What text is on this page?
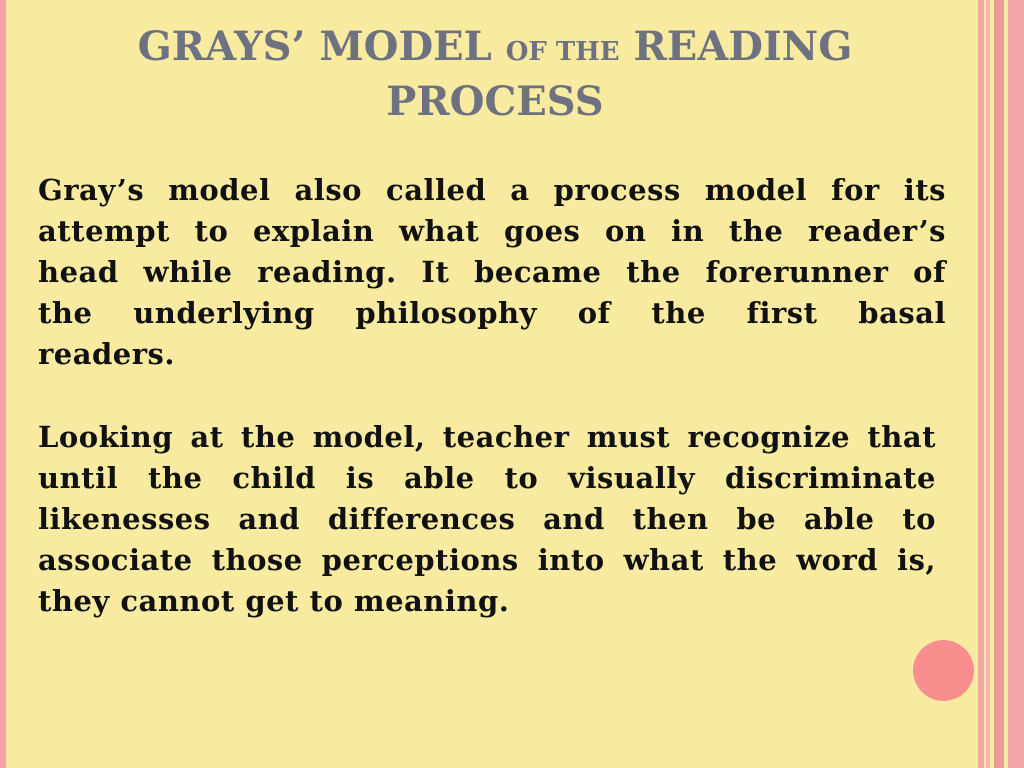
GRAYS’ MODEL OF THE READING
PROCESS
Gray’s model also called a process model for its
attempt to explain what goes on in the reader’s
head while reading. It became the forerunner of
the underlying philosophy of the first basal
readers.
Looking at the model, teacher must recognize that
until the child is able to visually discriminate
likenesses and differences and then be able to
associate those perceptions into what the word is,
they cannot get to meaning.
